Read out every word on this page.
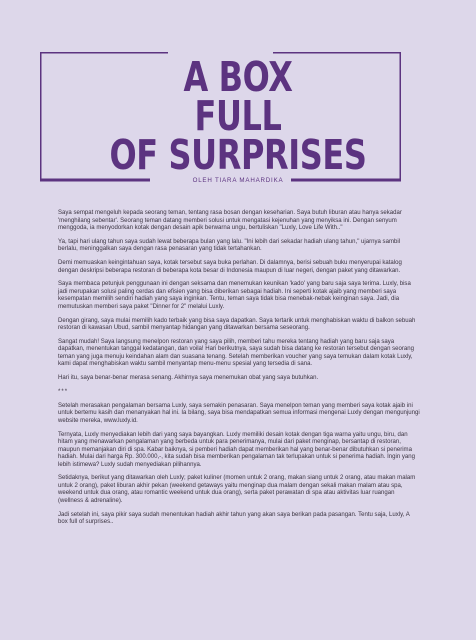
A BOX
FULL
OF SURPRISES
OLEH TIARA MAHARDIKA

Saya sempat mengeluh kepada seorang teman, tentang rasa bosan dengan keseharian. Saya butuh liburan atau hanya sekadar 'menghilang sebentar'. Seorang teman datang memberi solusi untuk mengatasi kejenuhan yang menyiksa ini. Dengan senyum menggoda, ia menyodorkan kotak dengan desain apik berwarna ungu, bertuliskan "Luxly, Love Life With.."

Ya, tapi hari ulang tahun saya sudah lewat beberapa bulan yang lalu. "Ini lebih dari sekadar hadiah ulang tahun," ujarnya sambil berlalu, meninggalkan saya dengan rasa penasaran yang tidak tertahankan.

Demi memuaskan keingintahuan saya, kotak tersebut saya buka perlahan. Di dalamnya, berisi sebuah buku menyerupai katalog dengan deskripsi beberapa restoran di beberapa kota besar di Indonesia maupun di luar negeri, dengan paket yang ditawarkan.

Saya membaca petunjuk penggunaan ini dengan seksama dan menemukan keunikan 'kado' yang baru saja saya terima. Luxly, bisa jadi merupakan solusi paling cerdas dan efisien yang bisa diberikan sebagai hadiah. Ini seperti kotak ajaib yang memberi saya kesempatan memilih sendiri hadiah yang saya inginkan. Tentu, teman saya tidak bisa menebak-nebak keinginan saya. Jadi, dia memutuskan memberi saya paket "Dinner for 2" melalui Luxly.

Dengan girang, saya mulai memilih kado terbaik yang bisa saya dapatkan. Saya tertarik untuk menghabiskan waktu di balkon sebuah restoran di kawasan Ubud, sambil menyantap hidangan yang ditawarkan bersama seseorang.

Sangat mudah! Saya langsung menelpon restoran yang saya pilih, memberi tahu mereka tentang hadiah yang baru saja saya dapatkan, menentukan tanggal kedatangan, dan voila! Hari berikutnya, saya sudah bisa datang ke restoran tersebut dengan seorang teman yang juga menuju keindahan alam dan suasana tenang. Setelah memberikan voucher yang saya temukan dalam kotak Luxly, kami dapat menghabiskan waktu sambil menyantap menu-menu spesial yang tersedia di sana.

Hari itu, saya benar-benar merasa senang. Akhirnya saya menemukan obat yang saya butuhkan.

***

Setelah merasakan pengalaman bersama Luxly, saya semakin penasaran. Saya menelpon teman yang memberi saya kotak ajaib ini untuk bertemu kasih dan menanyakan hal ini. Ia bilang, saya bisa mendapatkan semua informasi mengenai Luxly dengan mengunjungi website mereka, www.luxly.id.

Ternyata, Luxly menyediakan lebih dari yang saya bayangkan. Luxly memiliki desain kotak dengan tiga warna yaitu ungu, biru, dan hitam yang menawarkan pengalaman yang berbeda untuk para penerimanya, mulai dari paket menginap, bersantap di restoran, maupun memanjakan diri di spa. Kabar baiknya, si pemberi hadiah dapat memberikan hal yang benar-benar dibutuhkan si penerima hadiah. Mulai dari harga Rp. 300.000,-, kita sudah bisa memberikan pengalaman tak terlupakan untuk si penerima hadiah. Ingin yang lebih istimewa? Luxly sudah menyediakan pilihannya.

Setidaknya, berikut yang ditawarkan oleh Luxly; paket kuliner (momen untuk 2 orang, makan siang untuk 2 orang, atau makan malam untuk 2 orang), paket liburan akhir pekan (weekend getaways yaitu menginap dua malam dengan sekali makan malam atau spa, weekend untuk dua orang, atau romantic weekend untuk dua orang), serta paket perawatan di spa atau aktivitas luar ruangan (wellness & adrenaline).

Jadi setelah ini, saya pikir saya sudah menentukan hadiah akhir tahun yang akan saya berikan pada pasangan. Tentu saja, Luxly, A box full of surprises..
